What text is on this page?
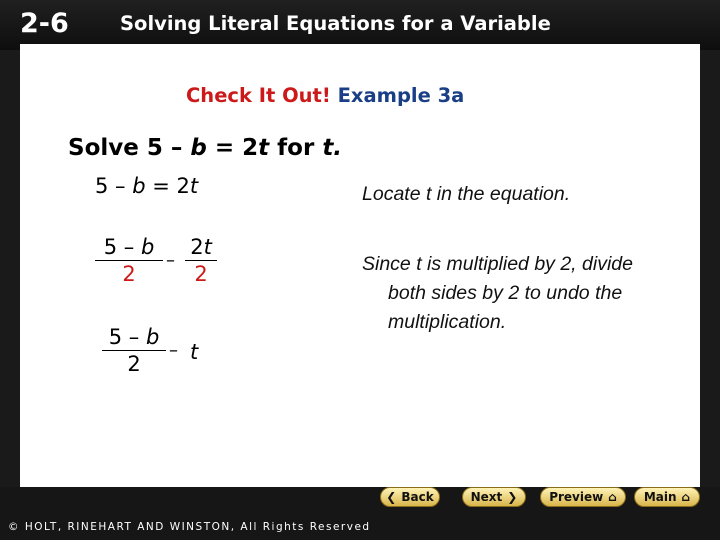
2-6	Solving Literal Equations for a Variable
Check It Out! Example 3a
Solve 5 – b = 2t for t.
5 – b = 2t
5 – b
2
–
2t
2
5 – b
2
– t
Locate t in the equation.
Since t is multiplied by 2, divide
both sides by 2 to undo the
multiplication.
© HOLT, RINEHART AND WINSTON, All Rights Reserved
❮ Back	Next ❯	Preview ⌂ Main ⌂
